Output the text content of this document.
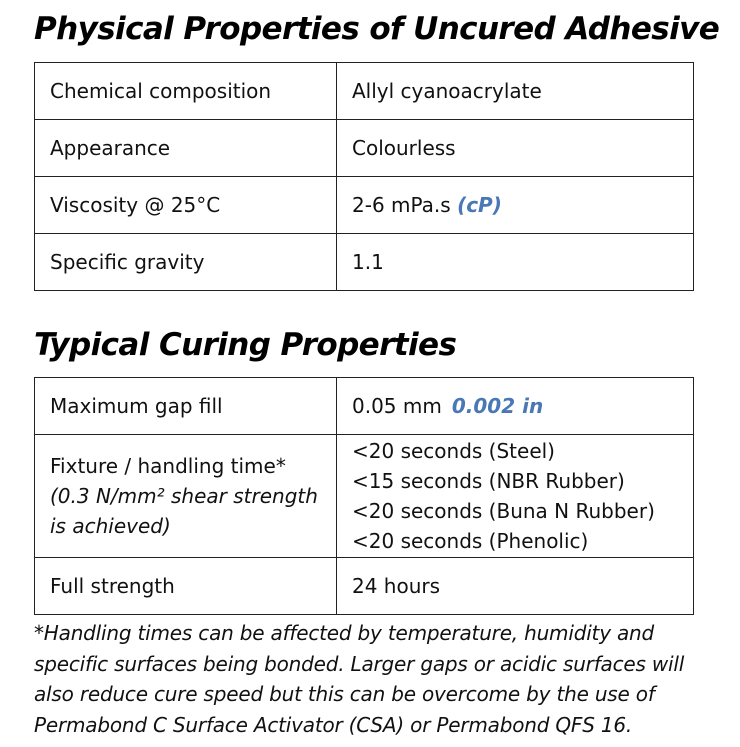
Physical Properties of Uncured Adhesive
Chemical composition	Allyl cyanoacrylate
Appearance	Colourless
Viscosity @ 25°C	2-6 mPa.s (cP)
Specific gravity	1.1
Typical Curing Properties
Maximum gap fill	0.05 mm 0.002 in

Fixture / handling time*
(0.3 N/mm² shear strength
is achieved)	<20 seconds (Steel)
<15 seconds (NBR Rubber)
<20 seconds (Buna N Rubber)
<20 seconds (Phenolic)

Full strength	24 hours

*Handling times can be affected by temperature, humidity and
specific surfaces being bonded. Larger gaps or acidic surfaces will
also reduce cure speed but this can be overcome by the use of
Permabond C Surface Activator (CSA) or Permabond QFS 16.
